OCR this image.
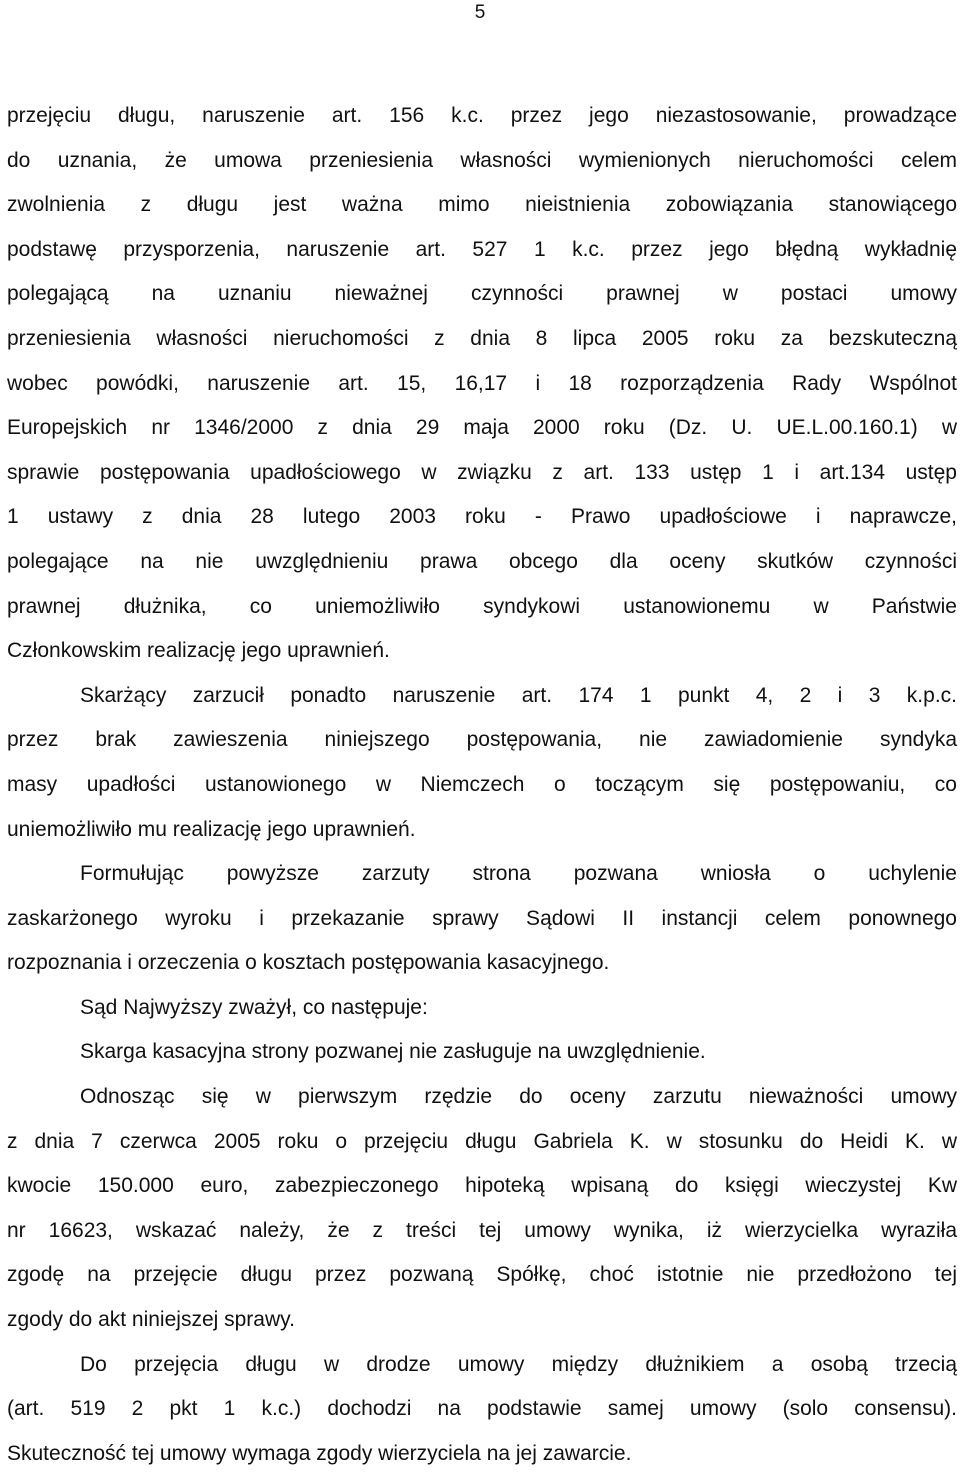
5
przejęciu długu, naruszenie art. 156 k.c. przez jego niezastosowanie, prowadzące
do uznania, że umowa przeniesienia własności wymienionych nieruchomości celem
zwolnienia z długu jest ważna mimo nieistnienia zobowiązania stanowiącego
podstawę przysporzenia, naruszenie art. 527 1 k.c. przez jego błędną wykładnię
polegającą na uznaniu nieważnej czynności prawnej w postaci umowy
przeniesienia własności nieruchomości z dnia 8 lipca 2005 roku za bezskuteczną
wobec powódki, naruszenie art. 15, 16,17 i 18 rozporządzenia Rady Wspólnot
Europejskich nr 1346/2000 z dnia 29 maja 2000 roku (Dz. U. UE.L.00.160.1) w
sprawie postępowania upadłościowego w związku z art. 133 ustęp 1 i art.134 ustęp
1 ustawy z dnia 28 lutego 2003 roku - Prawo upadłościowe i naprawcze,
polegające na nie uwzględnieniu prawa obcego dla oceny skutków czynności
prawnej dłużnika, co uniemożliwiło syndykowi ustanowionemu w Państwie
Członkowskim realizację jego uprawnień.
Skarżący zarzucił ponadto naruszenie art. 174 1 punkt 4, 2 i 3 k.p.c.
przez brak zawieszenia niniejszego postępowania, nie zawiadomienie syndyka
masy upadłości ustanowionego w Niemczech o toczącym się postępowaniu, co
uniemożliwiło mu realizację jego uprawnień.
Formułując powyższe zarzuty strona pozwana wniosła o uchylenie
zaskarżonego wyroku i przekazanie sprawy Sądowi II instancji celem ponownego
rozpoznania i orzeczenia o kosztach postępowania kasacyjnego.
Sąd Najwyższy zważył, co następuje:
Skarga kasacyjna strony pozwanej nie zasługuje na uwzględnienie.
Odnosząc się w pierwszym rzędzie do oceny zarzutu nieważności umowy
z dnia 7 czerwca 2005 roku o przejęciu długu Gabriela K. w stosunku do Heidi K. w
kwocie 150.000 euro, zabezpieczonego hipoteką wpisaną do księgi wieczystej Kw
nr 16623, wskazać należy, że z treści tej umowy wynika, iż wierzycielka wyraziła
zgodę na przejęcie długu przez pozwaną Spółkę, choć istotnie nie przedłożono tej
zgody do akt niniejszej sprawy.
Do przejęcia długu w drodze umowy między dłużnikiem a osobą trzecią
(art. 519 2 pkt 1 k.c.) dochodzi na podstawie samej umowy (solo consensu).
Skuteczność tej umowy wymaga zgody wierzyciela na jej zawarcie.
